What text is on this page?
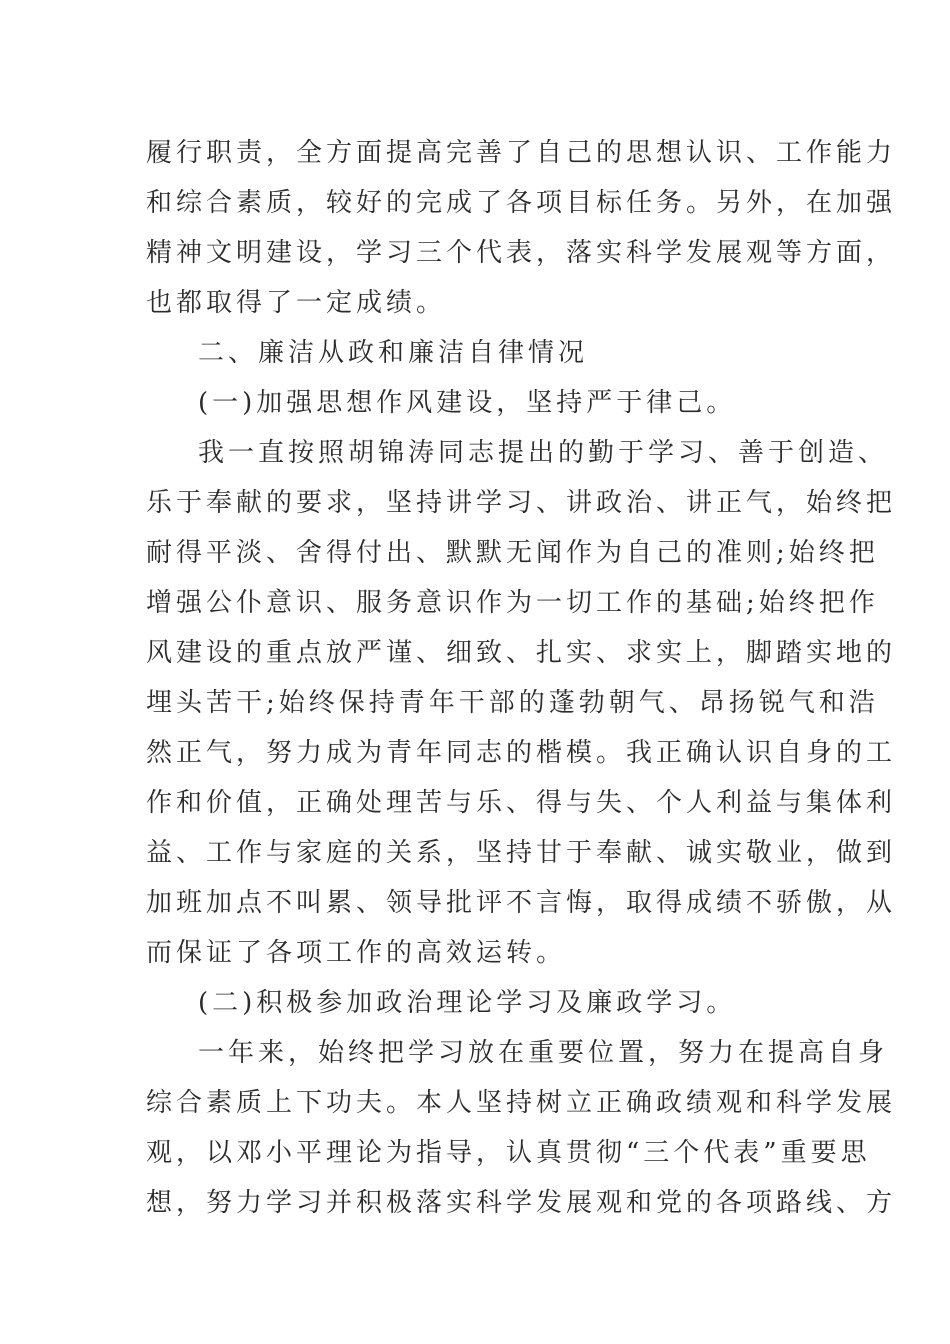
履行职责，全方面提高完善了自己的思想认识、工作能力
和综合素质，较好的完成了各项目标任务。另外，在加强
精神文明建设，学习三个代表，落实科学发展观等方面，
也都取得了一定成绩。
二、廉洁从政和廉洁自律情况
(一)加强思想作风建设，坚持严于律己。
我一直按照胡锦涛同志提出的勤于学习、善于创造、
乐于奉献的要求，坚持讲学习、讲政治、讲正气，始终把
耐得平淡、舍得付出、默默无闻作为自己的准则;始终把
增强公仆意识、服务意识作为一切工作的基础;始终把作
风建设的重点放严谨、细致、扎实、求实上，脚踏实地的
埋头苦干;始终保持青年干部的蓬勃朝气、昂扬锐气和浩
然正气，努力成为青年同志的楷模。我正确认识自身的工
作和价值，正确处理苦与乐、得与失、个人利益与集体利
益、工作与家庭的关系，坚持甘于奉献、诚实敬业，做到
加班加点不叫累、领导批评不言悔，取得成绩不骄傲，从
而保证了各项工作的高效运转。
(二)积极参加政治理论学习及廉政学习。
一年来，始终把学习放在重要位置，努力在提高自身
综合素质上下功夫。本人坚持树立正确政绩观和科学发展
观，以邓小平理论为指导，认真贯彻“三个代表”重要思
想，努力学习并积极落实科学发展观和党的各项路线、方
